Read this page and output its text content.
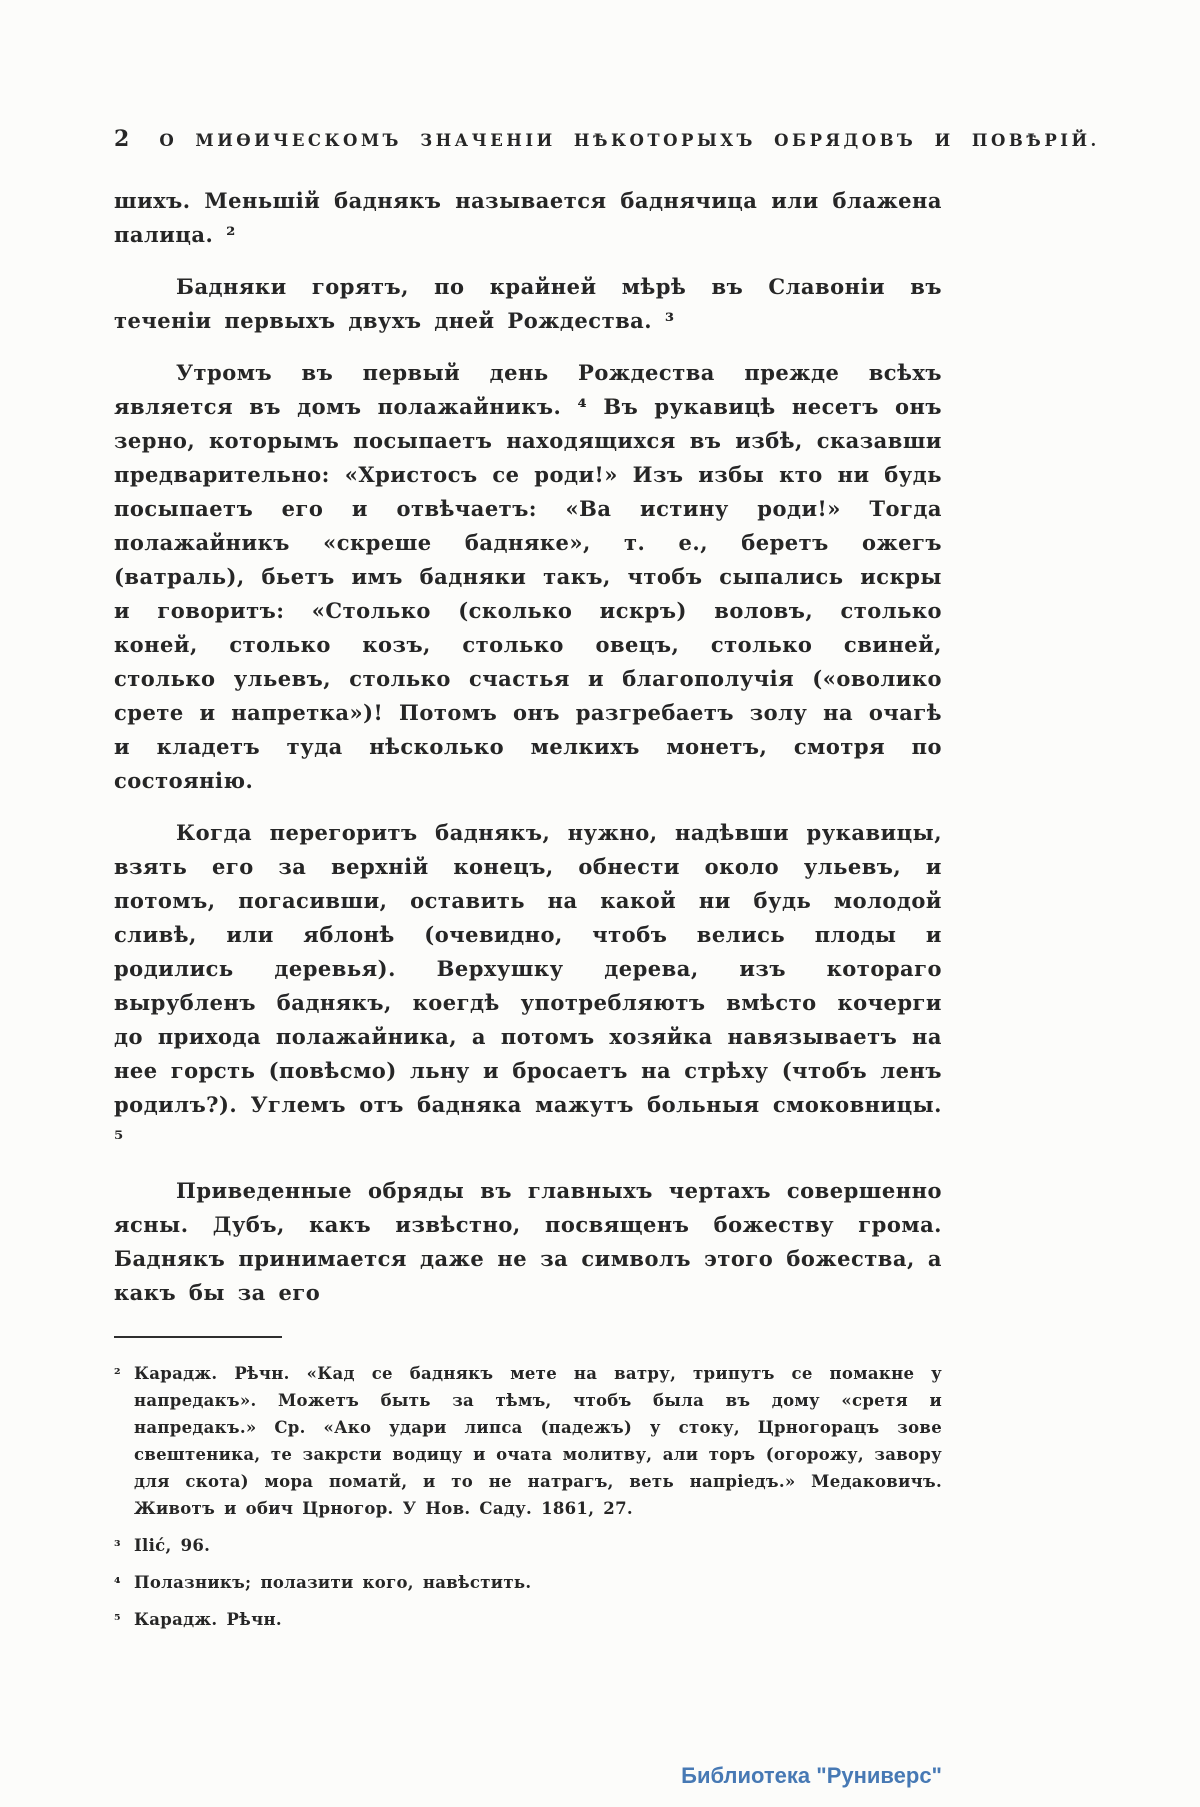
2 О МИѲИЧЕСКОМЪ ЗНАЧЕНІИ НѢКОТОРЫХЪ ОБРЯДОВЪ И ПОВѢРІЙ.

шихъ. Меньшій баднякъ называется баднячица или блажена палица. ²

Бадняки горятъ, по крайней мѣрѣ въ Славоніи въ теченіи первыхъ двухъ дней Рождества. ³

Утромъ въ первый день Рождества прежде всѣхъ является въ домъ полажайникъ. ⁴ Въ рукавицѣ несетъ онъ зерно, которымъ посыпаетъ находящихся въ избѣ, сказавши предварительно: «Христосъ се роди!» Изъ избы кто ни будь посыпаетъ его и отвѣчаетъ: «Ва истину роди!» Тогда полажайникъ «скреше бадняке», т. е., беретъ ожегъ (ватраль), бьетъ имъ бадняки такъ, чтобъ сыпались искры и говоритъ: «Столько (сколько искръ) воловъ, столько коней, столько козъ, столько овецъ, столько свиней, столько ульевъ, столько счастья и благополучія («оволико срете и напретка»)! Потомъ онъ разгребаетъ золу на очагѣ и кладетъ туда нѣсколько мелкихъ монетъ, смотря по состоянію.

Когда перегоритъ баднякъ, нужно, надѣвши рукавицы, взять его за верхній конецъ, обнести около ульевъ, и потомъ, погасивши, оставить на какой ни будь молодой сливѣ, или яблонѣ (очевидно, чтобъ велись плоды и родились деревья). Верхушку дерева, изъ котораго вырубленъ баднякъ, коегдѣ употребляютъ вмѣсто кочерги до прихода полажайника, а потомъ хозяйка навязываетъ на нее горсть (повѣсмо) льну и бросаетъ на стрѣху (чтобъ ленъ родилъ?). Углемъ отъ бадняка мажутъ больныя смоковницы. ⁵

Приведенные обряды въ главныхъ чертахъ совершенно ясны. Дубъ, какъ извѣстно, посвященъ божеству грома. Баднякъ принимается даже не за символъ этого божества, а какъ бы за его

² Карадж. Рѣчн. «Кад се баднякъ мете на ватру, трипутъ се помакне у напредакъ». Можетъ быть за тѣмъ, чтобъ была въ дому «сретя и напредакъ.» Ср. «Ако удари липса (падежъ) у стоку, Црногорацъ зове свештеника, те закрсти водицу и очата молитву, али торъ (огорожу, завору для скота) мора поматй, и то не натрагъ, веть напріедъ.» Медаковичъ. Животъ и обич Црногор. У Нов. Саду. 1861, 27.
³ Ilić, 96.
⁴ Полазникъ; полазити кого, навѣстить.
⁵ Карадж. Рѣчн.
Библиотека "Руниверс"
